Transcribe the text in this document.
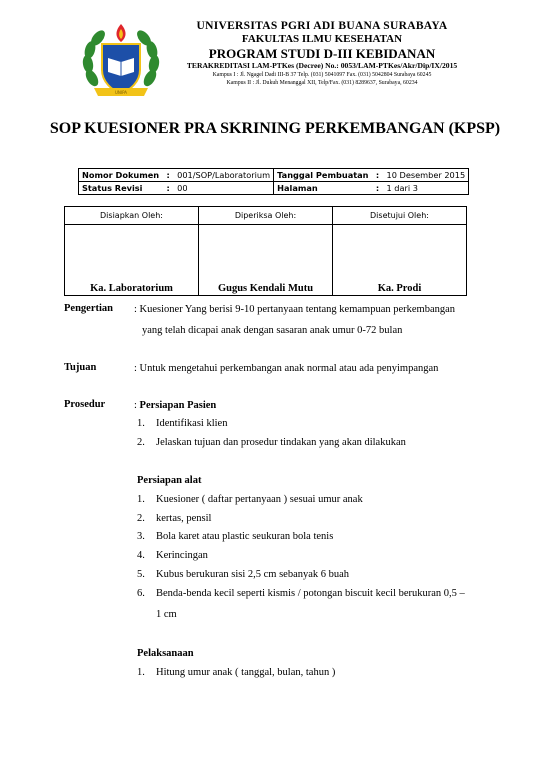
UNIPA
UNIVERSITAS PGRI ADI BUANA SURABAYA
FAKULTAS ILMU KESEHATAN
PROGRAM STUDI D-III KEBIDANAN
TERAKREDITASI LAM-PTKes (Decree) No.: 0053/LAM-PTKes/Akr/Dip/IX/2015
Kampus I : Jl. Ngagel Dadi III-B 37 Telp. (031) 5041097 Fax. (031) 5042804 Surabaya 60245
Kampus II : Jl. Dukuh Menanggal XII, Telp/Fax. (031) 8289637, Surabaya, 60234
SOP KUESIONER PRA SKRINING PERKEMBANGAN (KPSP)
Nomor Dokumen	:	001/SOP/Laboratorium	Tanggal Pembuatan	:	10 Desember 2015
Status Revisi	:	00	Halaman	:	1 dari 3
Disiapkan Oleh:	Diperiksa Oleh:	Disetujui Oleh:
Ka. Laboratorium	Gugus Kendali Mutu	Ka. Prodi
Pengertian : Kuesioner Yang berisi 9-10 pertanyaan tentang kemampuan perkembangan
yang telah dicapai anak dengan sasaran anak umur 0-72 bulan
Tujuan	: Untuk mengetahui perkembangan anak normal atau ada penyimpangan
Prosedur	: Persiapan Pasien
1. Identifikasi klien
2. Jelaskan tujuan dan prosedur tindakan yang akan dilakukan
Persiapan alat
1. Kuesioner ( daftar pertanyaan ) sesuai umur anak
2. kertas, pensil
3. Bola karet atau plastic seukuran bola tenis
4. Kerincingan
5. Kubus berukuran sisi 2,5 cm sebanyak 6 buah
6. Benda-benda kecil seperti kismis / potongan biscuit kecil berukuran 0,5 –
1 cm
Pelaksanaan
1. Hitung umur anak ( tanggal, bulan, tahun )
